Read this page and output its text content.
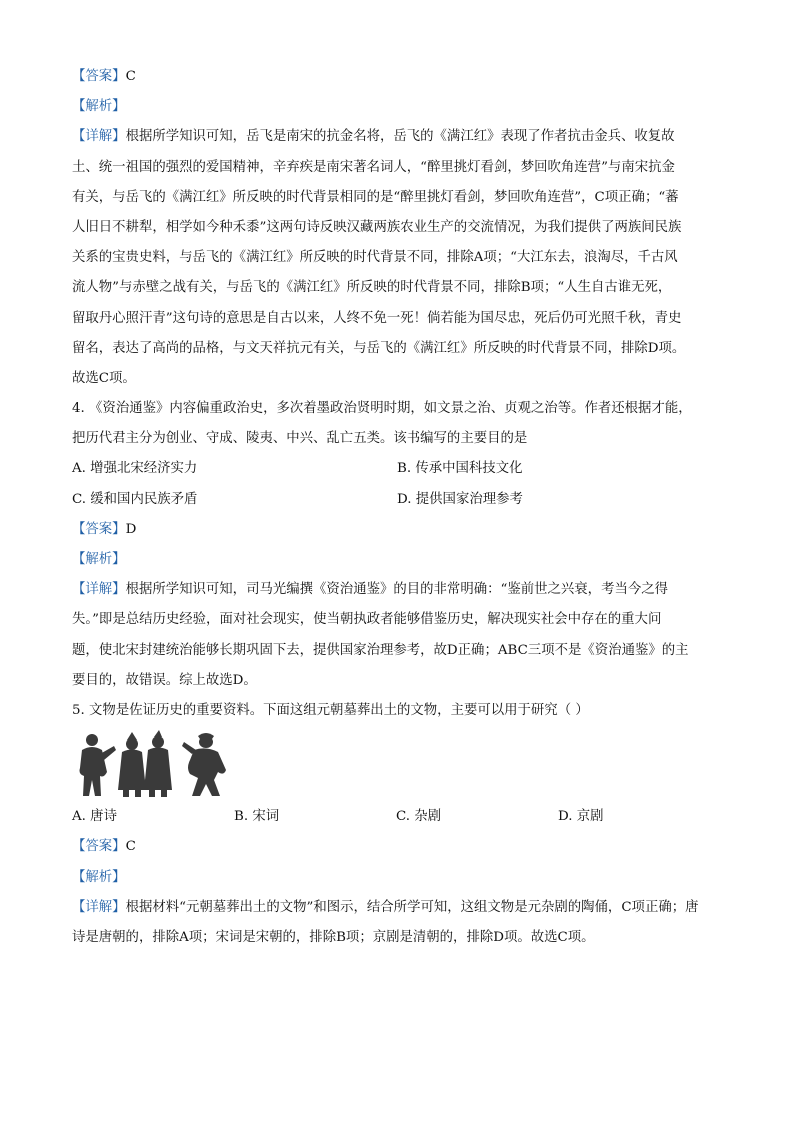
【答案】C
【解析】
【详解】根据所学知识可知，岳飞是南宋的抗金名将，岳飞的《满江红》表现了作者抗击金兵、收复故
土、统一祖国的强烈的爱国精神，辛弃疾是南宋著名词人，“醉里挑灯看剑，梦回吹角连营”与南宋抗金
有关，与岳飞的《满江红》所反映的时代背景相同的是“醉里挑灯看剑，梦回吹角连营”，C项正确；“蕃
人旧日不耕犁，相学如今种禾黍”这两句诗反映汉藏两族农业生产的交流情况，为我们提供了两族间民族
关系的宝贵史料，与岳飞的《满江红》所反映的时代背景不同，排除A项；“大江东去，浪淘尽，千古风
流人物”与赤壁之战有关，与岳飞的《满江红》所反映的时代背景不同，排除B项；“人生自古谁无死，
留取丹心照汗青”这句诗的意思是自古以来，人终不免一死！倘若能为国尽忠，死后仍可光照千秋，青史
留名，表达了高尚的品格，与文天祥抗元有关，与岳飞的《满江红》所反映的时代背景不同，排除D项。
故选C项。
4. 《资治通鉴》内容偏重政治史，多次着墨政治贤明时期，如文景之治、贞观之治等。作者还根据才能，
把历代君主分为创业、守成、陵夷、中兴、乱亡五类。该书编写的主要目的是
A. 增强北宋经济实力	B. 传承中国科技文化
C. 缓和国内民族矛盾	D. 提供国家治理参考
【答案】D
【解析】
【详解】根据所学知识可知，司马光编撰《资治通鉴》的目的非常明确：“鉴前世之兴衰，考当今之得
失。”即是总结历史经验，面对社会现实，使当朝执政者能够借鉴历史，解决现实社会中存在的重大问
题，使北宋封建统治能够长期巩固下去，提供国家治理参考，故D正确；ABC三项不是《资治通鉴》的主
要目的，故错误。综上故选D。
5. 文物是佐证历史的重要资料。下面这组元朝墓葬出土的文物，主要可以用于研究（ ）
A. 唐诗	B. 宋词	C. 杂剧	D. 京剧
【答案】C
【解析】
【详解】根据材料“元朝墓葬出土的文物”和图示，结合所学可知，这组文物是元杂剧的陶俑，C项正确；唐
诗是唐朝的，排除A项；宋词是宋朝的，排除B项；京剧是清朝的，排除D项。故选C项。
